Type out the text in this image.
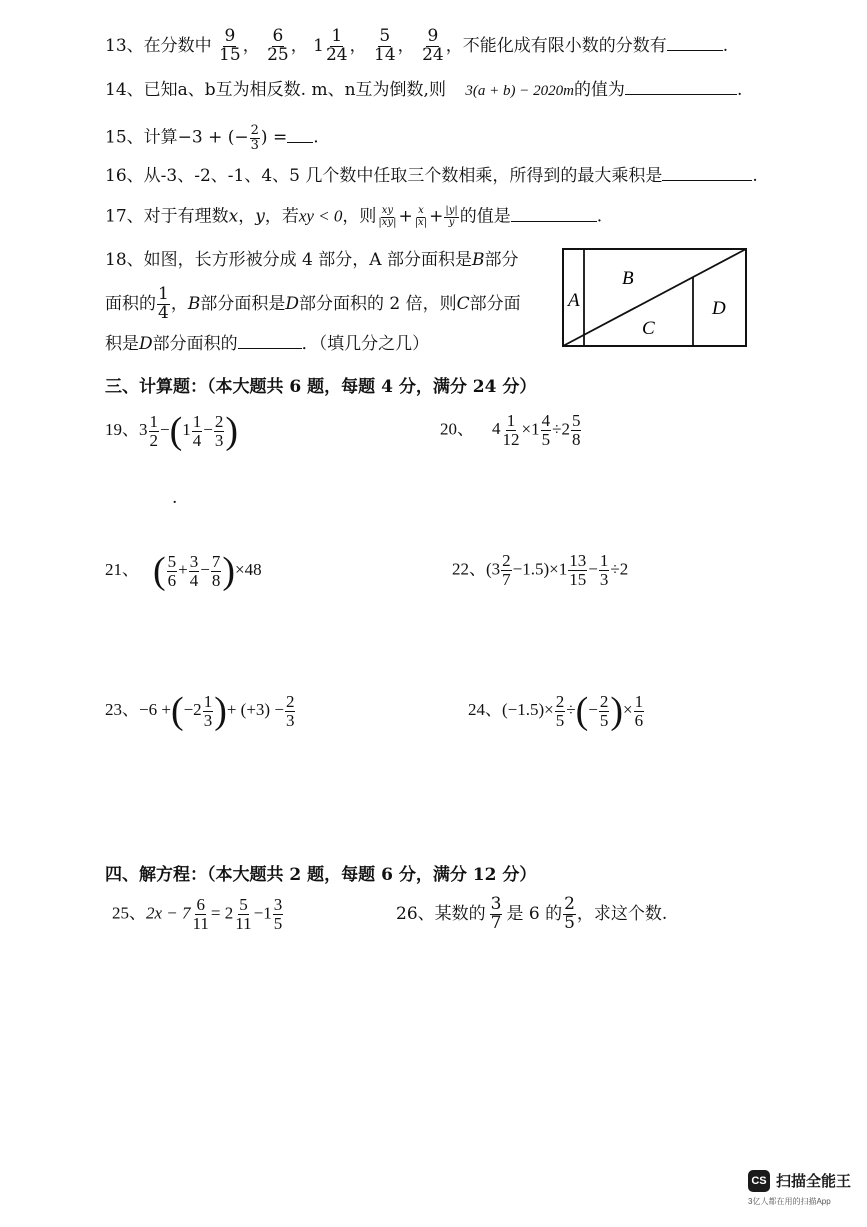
13、在分数中 $\frac{9}{15}$ ， $\frac{6}{25}$ ， $1 \frac{1}{24}$ ， $\frac{5}{14}$ ， $\frac{9}{24}$ ，不能化成有限小数的分数有	.
14、已知a、b互为相反数. m、n互为倒数,则 3(a + b) − 2020m的值为	.
15、计算−3 + (− $\frac{2}{3}$ ) = .
16、从-3、-2、-1、4、5 几个数中任取三个数相乘，所得到的最大乘积是	.
17、对于有理数x，y，若xy < 0，则 $\frac{xy}{|xy|} + \frac{x}{|x|} + \frac{|y|}{y}$ 的值是	.
18、如图，长方形被分成 4 部分，A 部分面积是B部分
面积的 $\frac{1}{4}$ ，B部分面积是D部分面积的 2 倍，则C部分面
积是D部分面积的	．（填几分之几）
A
B
C
D
三、计算题：（本大题共 6 题，每题 4 分，满分 24 分）
19、$3 \frac{1}{2} -(1 \frac{1}{4} - \frac{2}{3}$ )	20、 $4 \frac{1}{12} \times 1 \frac{4}{5} \div 2 \frac{5}{8}$
.
21、 ( $\frac{5}{6} + \frac{3}{4} - \frac{7}{8} )\times 48$	22、$(3 \frac{2}{7} -1.5)\times 1 \frac{13}{15} - \frac{1}{3} \div 2$
23、$-6 +(-2 \frac{1}{3}$ )+ $(+3) - \frac{2}{3}$	24、$(-1.5)\times \frac{2}{5}$ ÷(− $\frac{2}{5}$ )× $\frac{1}{6}$
四、解方程：（本大题共 2 题，每题 6 分，满分 12 分）
25、$2x - 7 \frac{6}{11} = 2 \frac{5}{11} -1 \frac{3}{5}$	26、某数的 $\frac{3}{7}$ 是 6 的 $\frac{2}{5}$ ，求这个数.
CS 扫描全能王
3亿人都在用的扫描App
